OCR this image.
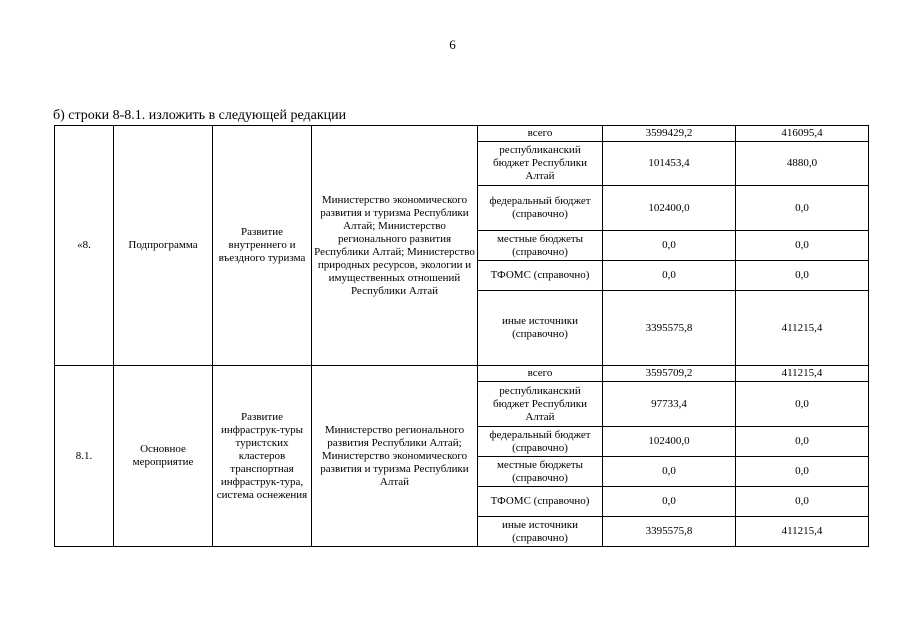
6
б) строки 8-8.1. изложить в следующей редакции
«8.	Подпрограмма	Развитие внутреннего и въездного туризма	Министерство экономического развития и туризма Республики Алтай; Министерство регионального развития Республики Алтай; Министерство природных ресурсов, экологии и имущественных отношений Республики Алтай	всего	3599429,2	416095,4
				республиканский бюджет Республики Алтай	101453,4	4880,0
				федеральный бюджет (справочно)	102400,0	0,0
				местные бюджеты (справочно)	0,0	0,0
				ТФОМС (справочно)	0,0	0,0
				иные источники (справочно)	3395575,8	411215,4
8.1.	Основное мероприятие	Развитие инфраструк-туры туристских кластеров транспортная инфраструк-тура, система оснежения	Министерство регионального развития Республики Алтай; Министерство экономического развития и туризма Республики Алтай	всего	3595709,2	411215,4
				республиканский бюджет Республики Алтай	97733,4	0,0
				федеральный бюджет (справочно)	102400,0	0,0
				местные бюджеты (справочно)	0,0	0,0
				ТФОМС (справочно)	0,0	0,0
				иные источники (справочно)	3395575,8	411215,4
